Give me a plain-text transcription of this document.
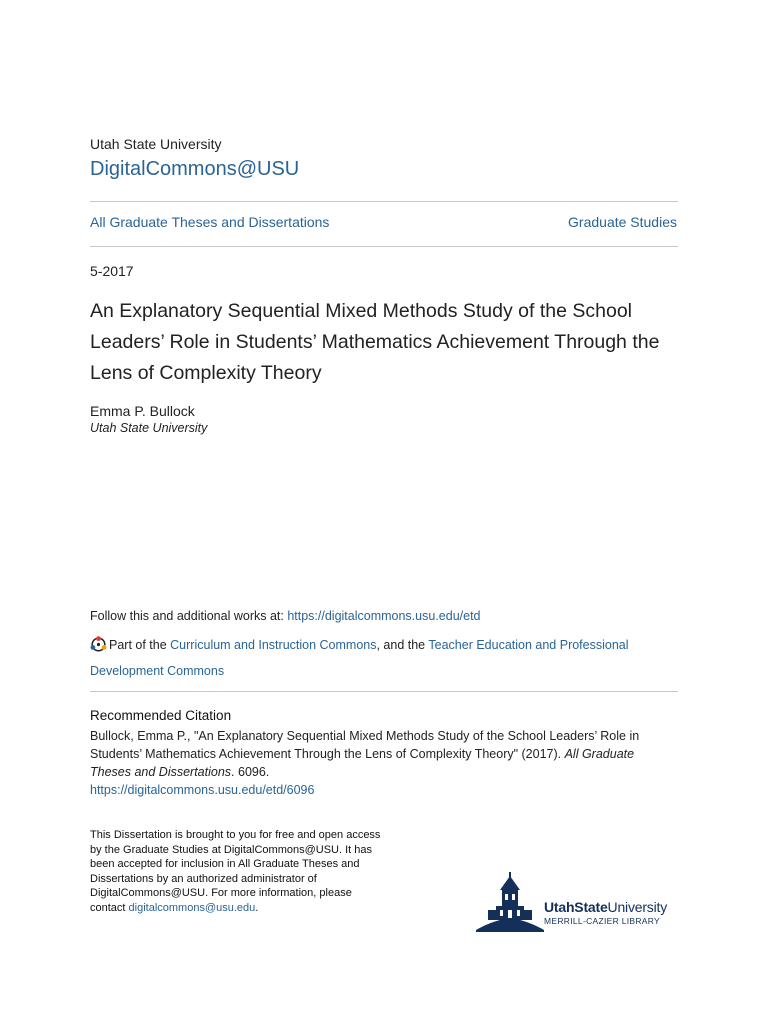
Utah State University
DigitalCommons@USU
All Graduate Theses and Dissertations	Graduate Studies
5-2017
An Explanatory Sequential Mixed Methods Study of the School Leaders’ Role in Students’ Mathematics Achievement Through the Lens of Complexity Theory
Emma P. Bullock
Utah State University
Follow this and additional works at: https://digitalcommons.usu.edu/etd
Part of the Curriculum and Instruction Commons, and the Teacher Education and Professional Development Commons
Recommended Citation
Bullock, Emma P., "An Explanatory Sequential Mixed Methods Study of the School Leaders’ Role in Students’ Mathematics Achievement Through the Lens of Complexity Theory" (2017). All Graduate Theses and Dissertations. 6096.
https://digitalcommons.usu.edu/etd/6096
This Dissertation is brought to you for free and open access by the Graduate Studies at DigitalCommons@USU. It has been accepted for inclusion in All Graduate Theses and Dissertations by an authorized administrator of DigitalCommons@USU. For more information, please contact digitalcommons@usu.edu.	UtahStateUniversity
MERRILL-CAZIER LIBRARY
